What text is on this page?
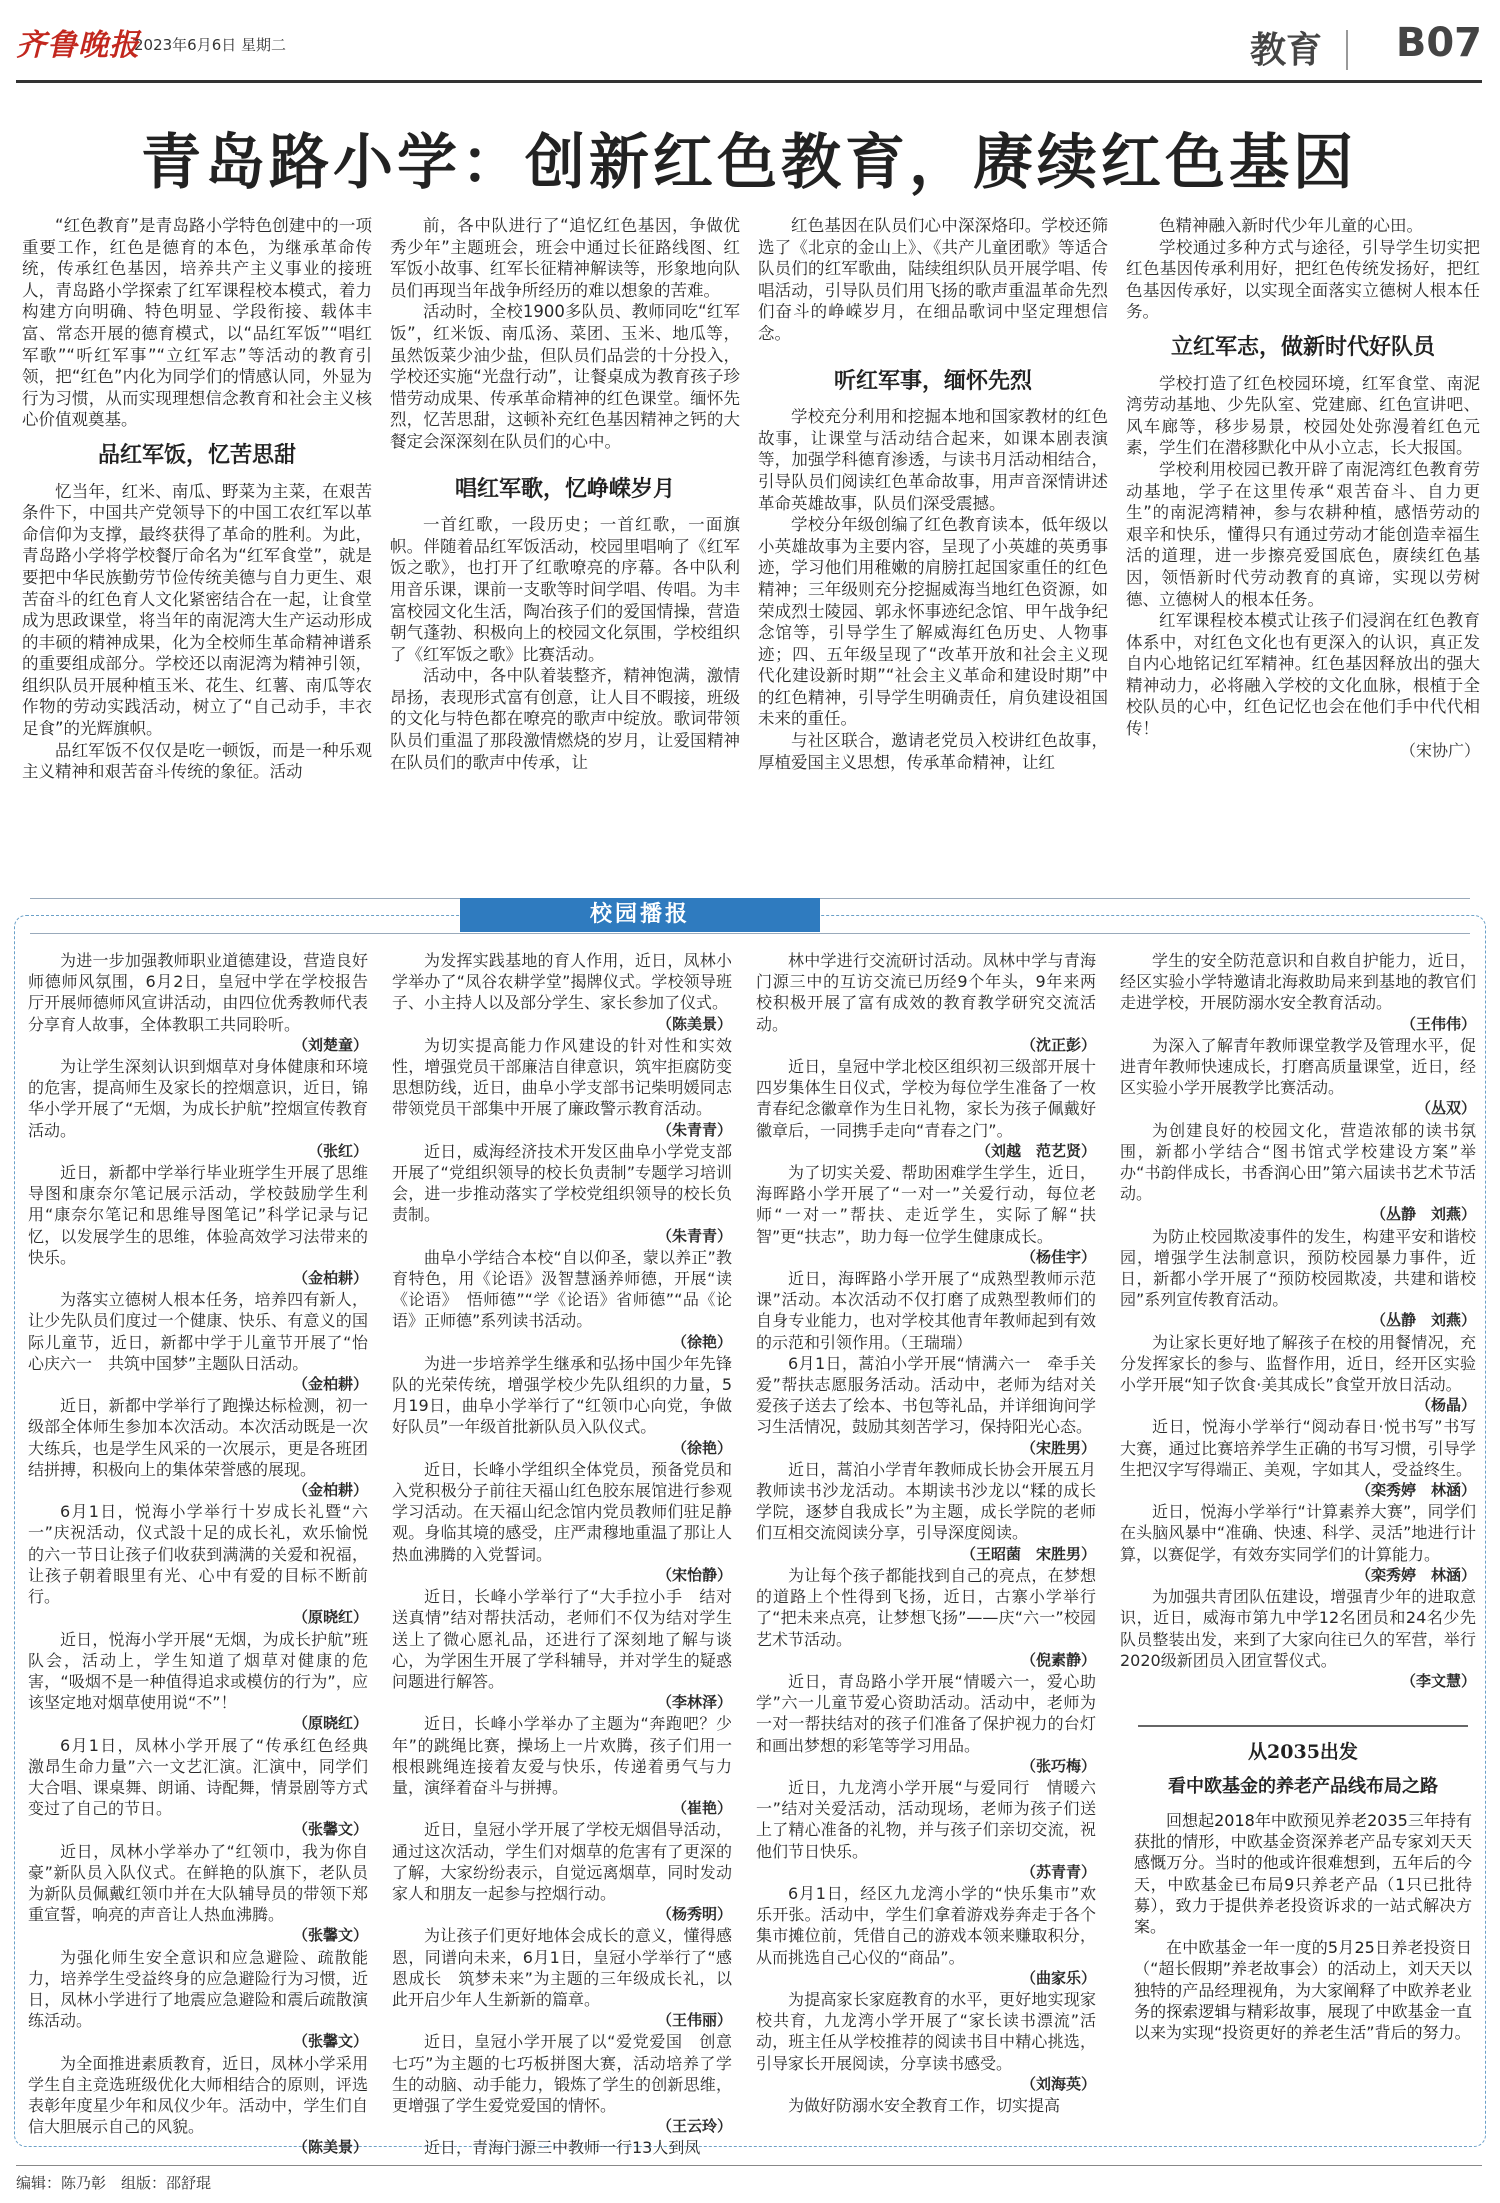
齐鲁晚报
2023年6月6日 星期二	教育 B07
青岛路小学：创新红色教育，赓续红色基因

“红色教育”是青岛路小学特色创建中的一项重要工作，红色是德育的本色，为继承革命传统，传承红色基因，培养共产主义事业的接班人，青岛路小学探索了红军课程校本模式，着力构建方向明确、特色明显、学段衔接、载体丰富、常态开展的德育模式，以“品红军饭”“唱红军歌”“听红军事”“立红军志”等活动的教育引领，把“红色”内化为同学们的情感认同，外显为行为习惯，从而实现理想信念教育和社会主义核心价值观奠基。

品红军饭，忆苦思甜

忆当年，红米、南瓜、野菜为主菜，在艰苦条件下，中国共产党领导下的中国工农红军以革命信仰为支撑，最终获得了革命的胜利。为此，青岛路小学将学校餐厅命名为“红军食堂”，就是要把中华民族勤劳节俭传统美德与自力更生、艰苦奋斗的红色育人文化紧密结合在一起，让食堂成为思政课堂，将当年的南泥湾大生产运动形成的丰硕的精神成果，化为全校师生革命精神谱系的重要组成部分。学校还以南泥湾为精神引领，组织队员开展种植玉米、花生、红薯、南瓜等农作物的劳动实践活动，树立了“自己动手，丰衣足食”的光辉旗帜。

品红军饭不仅仅是吃一顿饭，而是一种乐观主义精神和艰苦奋斗传统的象征。活动

前，各中队进行了“追忆红色基因，争做优秀少年”主题班会，班会中通过长征路线图、红军饭小故事、红军长征精神解读等，形象地向队员们再现当年战争所经历的难以想象的苦难。

活动时，全校1900多队员、教师同吃“红军饭”，红米饭、南瓜汤、菜团、玉米、地瓜等，虽然饭菜少油少盐，但队员们品尝的十分投入，学校还实施“光盘行动”，让餐桌成为教育孩子珍惜劳动成果、传承革命精神的红色课堂。缅怀先烈，忆苦思甜，这顿补充红色基因精神之钙的大餐定会深深刻在队员们的心中。

唱红军歌，忆峥嵘岁月

一首红歌，一段历史；一首红歌，一面旗帜。伴随着品红军饭活动，校园里唱响了《红军饭之歌》，也打开了红歌嘹亮的序幕。各中队利用音乐课，课前一支歌等时间学唱、传唱。为丰富校园文化生活，陶冶孩子们的爱国情操，营造朝气蓬勃、积极向上的校园文化氛围，学校组织了《红军饭之歌》比赛活动。

活动中，各中队着装整齐，精神饱满，激情昂扬，表现形式富有创意，让人目不暇接，班级的文化与特色都在嘹亮的歌声中绽放。歌词带领队员们重温了那段激情燃烧的岁月，让爱国精神在队员们的歌声中传承，让

红色基因在队员们心中深深烙印。学校还筛选了《北京的金山上》、《共产儿童团歌》等适合队员们的红军歌曲，陆续组织队员开展学唱、传唱活动，引导队员们用飞扬的歌声重温革命先烈们奋斗的峥嵘岁月，在细品歌词中坚定理想信念。

听红军事，缅怀先烈

学校充分利用和挖掘本地和国家教材的红色故事，让课堂与活动结合起来，如课本剧表演等，加强学科德育渗透，与读书月活动相结合，引导队员们阅读红色革命故事，用声音深情讲述革命英雄故事，队员们深受震撼。

学校分年级创编了红色教育读本，低年级以小英雄故事为主要内容，呈现了小英雄的英勇事迹，学习他们用稚嫩的肩膀扛起国家重任的红色精神；三年级则充分挖掘威海当地红色资源，如荣成烈士陵园、郭永怀事迹纪念馆、甲午战争纪念馆等，引导学生了解威海红色历史、人物事迹；四、五年级呈现了“改革开放和社会主义现代化建设新时期”“社会主义革命和建设时期”中的红色精神，引导学生明确责任，肩负建设祖国未来的重任。

与社区联合，邀请老党员入校讲红色故事，厚植爱国主义思想，传承革命精神，让红

色精神融入新时代少年儿童的心田。

学校通过多种方式与途径，引导学生切实把红色基因传承利用好，把红色传统发扬好，把红色基因传承好，以实现全面落实立德树人根本任务。

立红军志，做新时代好队员

学校打造了红色校园环境，红军食堂、南泥湾劳动基地、少先队室、党建廊、红色宣讲吧、风车廊等，移步易景，校园处处弥漫着红色元素，学生们在潜移默化中从小立志，长大报国。

学校利用校园已教开辟了南泥湾红色教育劳动基地，学子在这里传承“艰苦奋斗、自力更生”的南泥湾精神，参与农耕种植，感悟劳动的艰辛和快乐，懂得只有通过劳动才能创造幸福生活的道理，进一步擦亮爱国底色，赓续红色基因，领悟新时代劳动教育的真谛，实现以劳树德、立德树人的根本任务。

红军课程校本模式让孩子们浸润在红色教育体系中，对红色文化也有更深入的认识，真正发自内心地铭记红军精神。红色基因释放出的强大精神动力，必将融入学校的文化血脉，根植于全校队员的心中，红色记忆也会在他们手中代代相传！

（宋协广）
校园播报

为进一步加强教师职业道德建设，营造良好师德师风氛围，6月2日，皇冠中学在学校报告厅开展师德师风宣讲活动，由四位优秀教师代表分享育人故事，全体教职工共同聆听。

（刘楚童）

为让学生深刻认识到烟草对身体健康和环境的危害，提高师生及家长的控烟意识，近日，锦华小学开展了“无烟，为成长护航”控烟宣传教育活动。

（张红）

近日，新都中学举行毕业班学生开展了思维导图和康奈尔笔记展示活动，学校鼓励学生利用“康奈尔笔记和思维导图笔记”科学记录与记忆，以发展学生的思维，体验高效学习法带来的快乐。

（金柏耕）

为落实立德树人根本任务，培养四有新人，让少先队员们度过一个健康、快乐、有意义的国际儿童节，近日，新都中学于儿童节开展了“怡心庆六一　共筑中国梦”主题队日活动。

（金柏耕）

近日，新都中学举行了跑操达标检测，初一级部全体师生参加本次活动。本次活动既是一次大练兵，也是学生风采的一次展示，更是各班团结拼搏，积极向上的集体荣誉感的展现。

（金柏耕）

6月1日，悦海小学举行十岁成长礼暨“六一”庆祝活动，仪式設十足的成长礼，欢乐愉悦的六一节日让孩子们收获到满满的关爱和祝福，让孩子朝着眼里有光、心中有爱的目标不断前行。

（原晓红）

近日，悦海小学开展“无烟，为成长护航”班队会，活动上，学生知道了烟草对健康的危害，“吸烟不是一种值得追求或模仿的行为”，应该坚定地对烟草使用说“不”！

（原晓红）

6月1日，凤林小学开展了“传承红色经典　激昂生命力量”六一文艺汇演。汇演中，同学们大合唱、课桌舞、朗诵、诗配舞，情景剧等方式变过了自己的节日。

（张馨文）

近日，凤林小学举办了“红领巾，我为你自豪”新队员入队仪式。在鲜艳的队旗下，老队员为新队员佩戴红领巾并在大队辅导员的带领下郑重宣誓，响亮的声音让人热血沸腾。

（张馨文）

为强化师生安全意识和应急避险、疏散能力，培养学生受益终身的应急避险行为习惯，近日，凤林小学进行了地震应急避险和震后疏散演练活动。

（张馨文）

为全面推进素质教育，近日，凤林小学采用学生自主竞选班级优化大师相结合的原则，评选表彰年度星少年和凤仪少年。活动中，学生们自信大胆展示自己的风貌。

（陈美景）

为发挥实践基地的育人作用，近日，凤林小学举办了“凤谷农耕学堂”揭牌仪式。学校领导班子、小主持人以及部分学生、家长参加了仪式。

（陈美景）

为切实提高能力作风建设的针对性和实效性，增强党员干部廉洁自律意识，筑牢拒腐防变思想防线，近日，曲阜小学支部书记柴明媛同志带领党员干部集中开展了廉政警示教育活动。

（朱青青）

近日，威海经济技术开发区曲阜小学党支部开展了“党组织领导的校长负责制”专题学习培训会，进一步推动落实了学校党组织领导的校长负责制。

（朱青青）

曲阜小学结合本校“自以仰圣，蒙以养正”教育特色，用《论语》汲智慧涵养师德，开展“读《论语》　悟师德”“学《论语》省师德”“品《论语》正师德”系列读书活动。

（徐艳）

为进一步培养学生继承和弘扬中国少年先锋队的光荣传统，增强学校少先队组织的力量，5月19日，曲阜小学举行了“红领巾心向党，争做好队员”一年级首批新队员入队仪式。

（徐艳）

近日，长峰小学组织全体党员，预备党员和入党积极分子前往天福山红色胶东展馆进行参观学习活动。在天福山纪念馆内党员教师们驻足静观。身临其境的感受，庄严肃穆地重温了那让人热血沸腾的入党誓词。

（宋怡静）

近日，长峰小学举行了“大手拉小手　结对送真情”结对帮扶活动，老师们不仅为结对学生送上了微心愿礼品，还进行了深刻地了解与谈心，为学困生开展了学科辅导，并对学生的疑惑问题进行解答。

（李林泽）

近日，长峰小学举办了主题为“奔跑吧？少年”的跳绳比赛，操场上一片欢腾，孩子们用一根根跳绳连接着友爱与快乐，传递着勇气与力量，演绎着奋斗与拼搏。

（崔艳）

近日，皇冠小学开展了学校无烟倡导活动，通过这次活动，学生们对烟草的危害有了更深的了解，大家纷纷表示，自觉远离烟草，同时发动家人和朋友一起参与控烟行动。

（杨秀明）

为让孩子们更好地体会成长的意义，懂得感恩，同谱向未来，6月1日，皇冠小学举行了“感恩成长　筑梦未来”为主题的三年级成长礼，以此开启少年人生新新的篇章。

（王伟丽）

近日，皇冠小学开展了以“爱党爱国　创意七巧”为主题的七巧板拼图大赛，活动培养了学生的动脑、动手能力，锻炼了学生的创新思维，更增强了学生爱党爱国的情怀。

（王云玲）

近日，青海门源三中教师一行13人到凤

林中学进行交流研讨活动。凤林中学与青海门源三中的互访交流已历经9个年头，9年来两校积极开展了富有成效的教育教学研究交流活动。

（沈正彭）

近日，皇冠中学北校区组织初三级部开展十四岁集体生日仪式，学校为每位学生准备了一枚青春纪念徽章作为生日礼物，家长为孩子佩戴好徽章后，一同携手走向“青春之门”。

（刘越　范艺贤）

为了切实关爱、帮助困难学生学生，近日，海晖路小学开展了“一对一”关爱行动，每位老师“一对一”帮扶、走近学生，实际了解“扶智”更“扶志”，助力每一位学生健康成长。

（杨佳宇）

近日，海晖路小学开展了“成熟型教师示范课”活动。本次活动不仅打磨了成熟型教师们的自身专业能力，也对学校其他青年教师起到有效的示范和引领作用。（王瑞瑞）

6月1日，蒿泊小学开展“情满六一　牵手关爱”帮扶志愿服务活动。活动中，老师为结对关爱孩子送去了绘本、书包等礼品，并详细询问学习生活情况，鼓励其刻苦学习，保持阳光心态。

（宋胜男）

近日，蒿泊小学青年教师成长协会开展五月教师读书沙龙活动。本期读书沙龙以“糅的成长学院，逐梦自我成长”为主题，成长学院的老师们互相交流阅读分享，引导深度阅读。

（王昭菌　宋胜男）

为让每个孩子都能找到自己的亮点，在梦想的道路上个性得到飞扬，近日，古寨小学举行了“把未来点亮，让梦想飞扬”——庆“六一”校园艺术节活动。

（倪素静）

近日，青岛路小学开展“情暖六一，爱心助学”六一儿童节爱心资助活动。活动中，老师为一对一帮扶结对的孩子们准备了保护视力的台灯和画出梦想的彩笔等学习用品。

（张巧梅）

近日，九龙湾小学开展“与爱同行　情暖六一”结对关爱活动，活动现场，老师为孩子们送上了精心准备的礼物，并与孩子们亲切交流，祝他们节日快乐。

（苏青青）

6月1日，经区九龙湾小学的“快乐集市”欢乐开张。活动中，学生们拿着游戏券奔走于各个集市摊位前，凭借自己的游戏本领来赚取积分，从而挑选自己心仪的“商品”。

（曲家乐）

为提高家长家庭教育的水平，更好地实现家校共育，九龙湾小学开展了“家长读书漂流”活动，班主任从学校推荐的阅读书目中精心挑选，引导家长开展阅读，分享读书感受。

（刘海英）

为做好防溺水安全教育工作，切实提高

学生的安全防范意识和自救自护能力，近日，经区实验小学特邀请北海救助局来到基地的教官们走进学校，开展防溺水安全教育活动。

（王伟伟）

为深入了解青年教师课堂教学及管理水平，促进青年教师快速成长，打磨高质量课堂，近日，经区实验小学开展教学比赛活动。

（丛双）

为创建良好的校园文化，营造浓郁的读书氛围，新都小学结合“图书馆式学校建设方案”举办“书韵伴成长，书香润心田”第六届读书艺术节活动。

（丛静　刘燕）

为防止校园欺凌事件的发生，构建平安和谐校园，增强学生法制意识，预防校园暴力事件，近日，新都小学开展了“预防校园欺凌，共建和谐校园”系列宣传教育活动。

（丛静　刘燕）

为让家长更好地了解孩子在校的用餐情况，充分发挥家长的参与、监督作用，近日，经开区实验小学开展“知子饮食·美其成长”食堂开放日活动。

（杨晶）

近日，悦海小学举行“阅动春日·悦书写”书写大赛，通过比赛培养学生正确的书写习惯，引导学生把汉字写得端正、美观，字如其人，受益终生。

（栾秀婷　林涵）

近日，悦海小学举行“计算素养大赛”，同学们在头脑风暴中“准确、快速、科学、灵活”地进行计算，以赛促学，有效夯实同学们的计算能力。

（栾秀婷　林涵）

为加强共青团队伍建设，增强青少年的进取意识，近日，威海市第九中学12名团员和24名少先队员整装出发，来到了大家向往已久的军营，举行2020级新团员入团宣誓仪式。

（李文慧）
从2035出发
看中欧基金的养老产品线布局之路

回想起2018年中欧预见养老2035三年持有获批的情形，中欧基金资深养老产品专家刘天天感慨万分。当时的他或许很难想到，五年后的今天，中欧基金已布局9只养老产品（1只已批待募），致力于提供养老投资诉求的一站式解决方案。

在中欧基金一年一度的5月25日养老投资日（“超长假期”养老故事会）的活动上，刘天天以独特的产品经理视角，为大家阐释了中欧养老业务的探索逻辑与精彩故事，展现了中欧基金一直以来为实现“投资更好的养老生活”背后的努力。

编辑：陈乃彰　组版：邵舒琨
